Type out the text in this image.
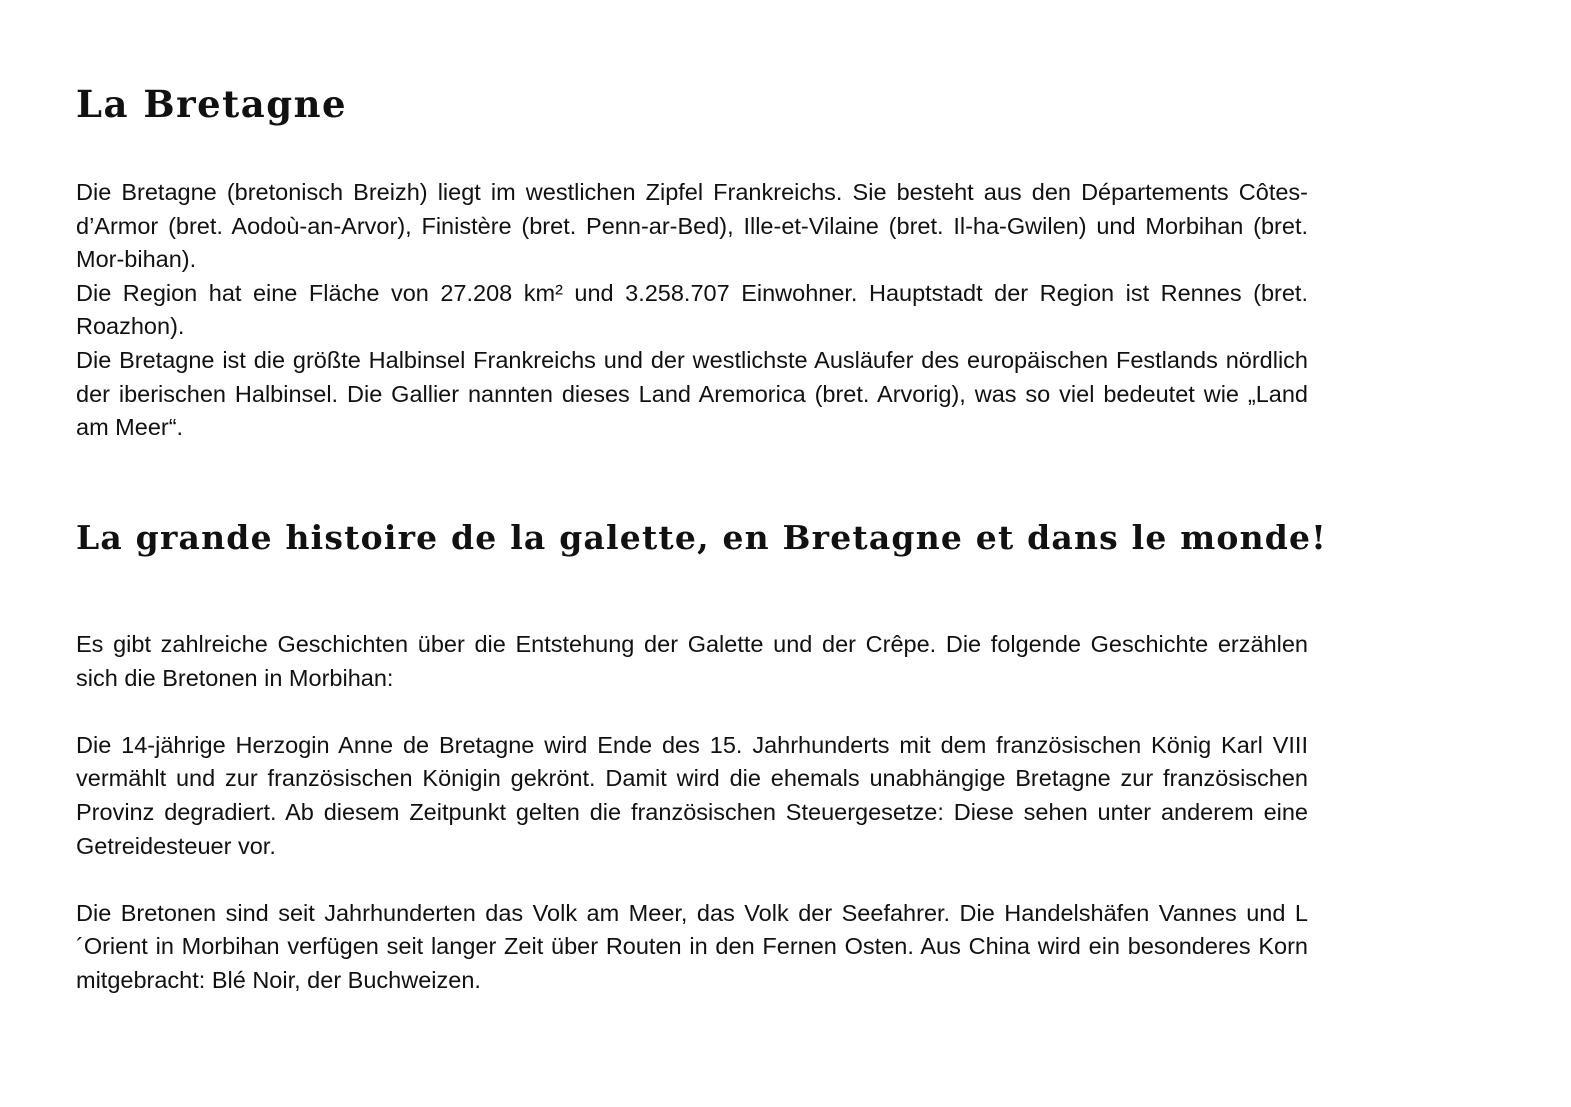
La Bretagne

Die Bretagne (bretonisch Breizh) liegt im westlichen Zipfel Frankreichs. Sie besteht aus den Départements Côtes-d’Armor (bret. Aodoù-an-Arvor), Finistère (bret. Penn-ar-Bed), Ille-et-Vilaine (bret. Il-ha-Gwilen) und Morbihan (bret. Mor-bihan).

Die Region hat eine Fläche von 27.208 km² und 3.258.707 Einwohner. Hauptstadt der Region ist Rennes (bret. Roazhon).

Die Bretagne ist die größte Halbinsel Frankreichs und der westlichste Ausläufer des europäischen Festlands nördlich der iberischen Halbinsel. Die Gallier nannten dieses Land Aremorica (bret. Arvorig), was so viel bedeutet wie „Land am Meer“.

La grande histoire de la galette, en Bretagne et dans le monde!

Es gibt zahlreiche Geschichten über die Entstehung der Galette und der Crêpe. Die folgende Geschichte erzählen sich die Bretonen in Morbihan:

Die 14-jährige Herzogin Anne de Bretagne wird Ende des 15. Jahrhunderts mit dem französischen König Karl VIII vermählt und zur französischen Königin gekrönt. Damit wird die ehemals unabhängige Bretagne zur französischen Provinz degradiert. Ab diesem Zeitpunkt gelten die französischen Steuergesetze: Diese sehen unter anderem eine Getreidesteuer vor.

Die Bretonen sind seit Jahrhunderten das Volk am Meer, das Volk der Seefahrer. Die Handelshäfen Vannes und L´Orient in Morbihan verfügen seit langer Zeit über Routen in den Fernen Osten. Aus China wird ein besonderes Korn mitgebracht: Blé Noir, der Buchweizen.
